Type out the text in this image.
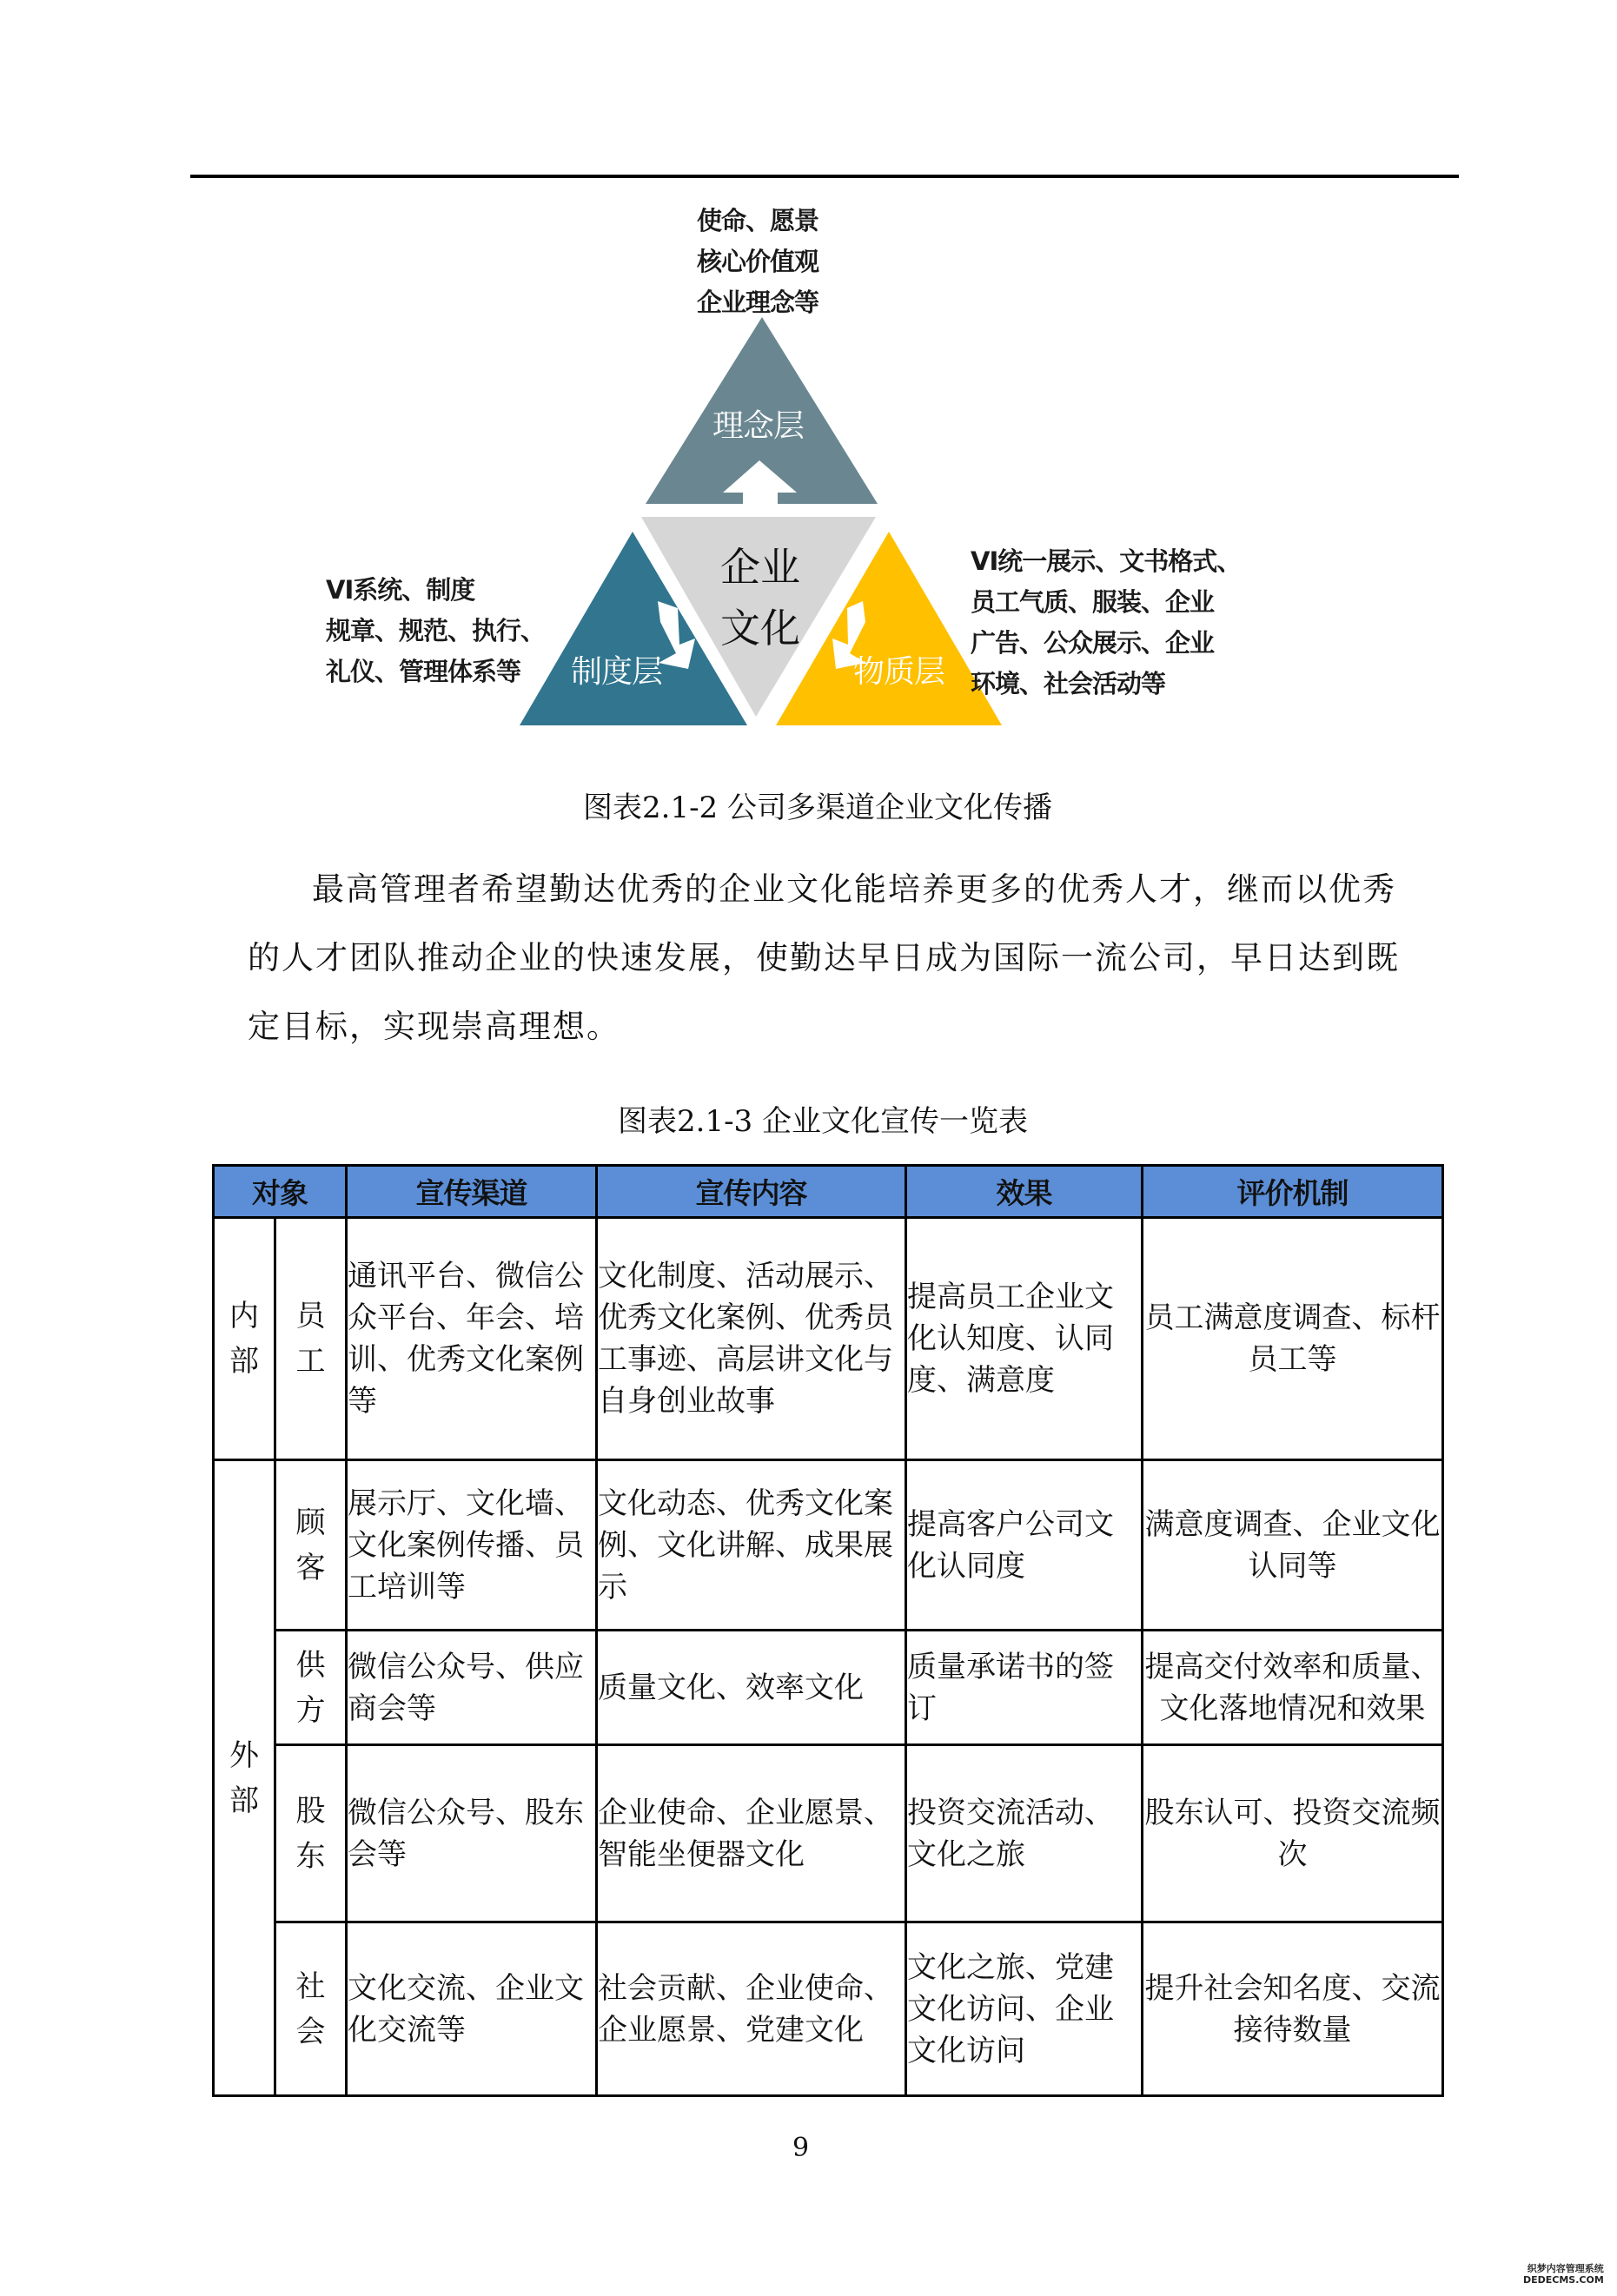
使命、愿景
核心价值观
企业理念等
VI系统、制度
规章、规范、执行、
礼仪、管理体系等
VI统一展示、文书格式、
员工气质、服装、企业
广告、公众展示、企业
环境、社会活动等
理念层
制度层	物质层
企业
文化
图表2.1-2 公司多渠道企业文化传播
最高管理者希望勤达优秀的企业文化能培养更多的优秀人才，继而以优秀
的人才团队推动企业的快速发展，使勤达早日成为国际一流公司，早日达到既
定目标，实现崇高理想。
图表2.1-3 企业文化宣传一览表
对象		宣传渠道	宣传内容	效果	评价机制

内部	员工	通讯平台、微信公众平台、年会、培训、优秀文化案例等	文化制度、活动展示、优秀文化案例、优秀员工事迹、高层讲文化与自身创业故事	提高员工企业文化认知度、认同度、满意度	员工满意度调查、标杆员工等

外部	顾客	展示厅、文化墙、文化案例传播、员工培训等	文化动态、优秀文化案例、文化讲解、成果展示	提高客户公司文化认同度	满意度调查、企业文化认同等

	供方	微信公众号、供应商会等	质量文化、效率文化	质量承诺书的签订	提高交付效率和质量、文化落地情况和效果

	股东	微信公众号、股东会等	企业使命、企业愿景、智能坐便器文化	投资交流活动、文化之旅	股东认可、投资交流频次

	社会	文化交流、企业文化交流等	社会贡献、企业使命、企业愿景、党建文化	文化之旅、党建文化访问、企业文化访问	提升社会知名度、交流接待数量
9
织梦内容管理系统
DEDECMS.COM
